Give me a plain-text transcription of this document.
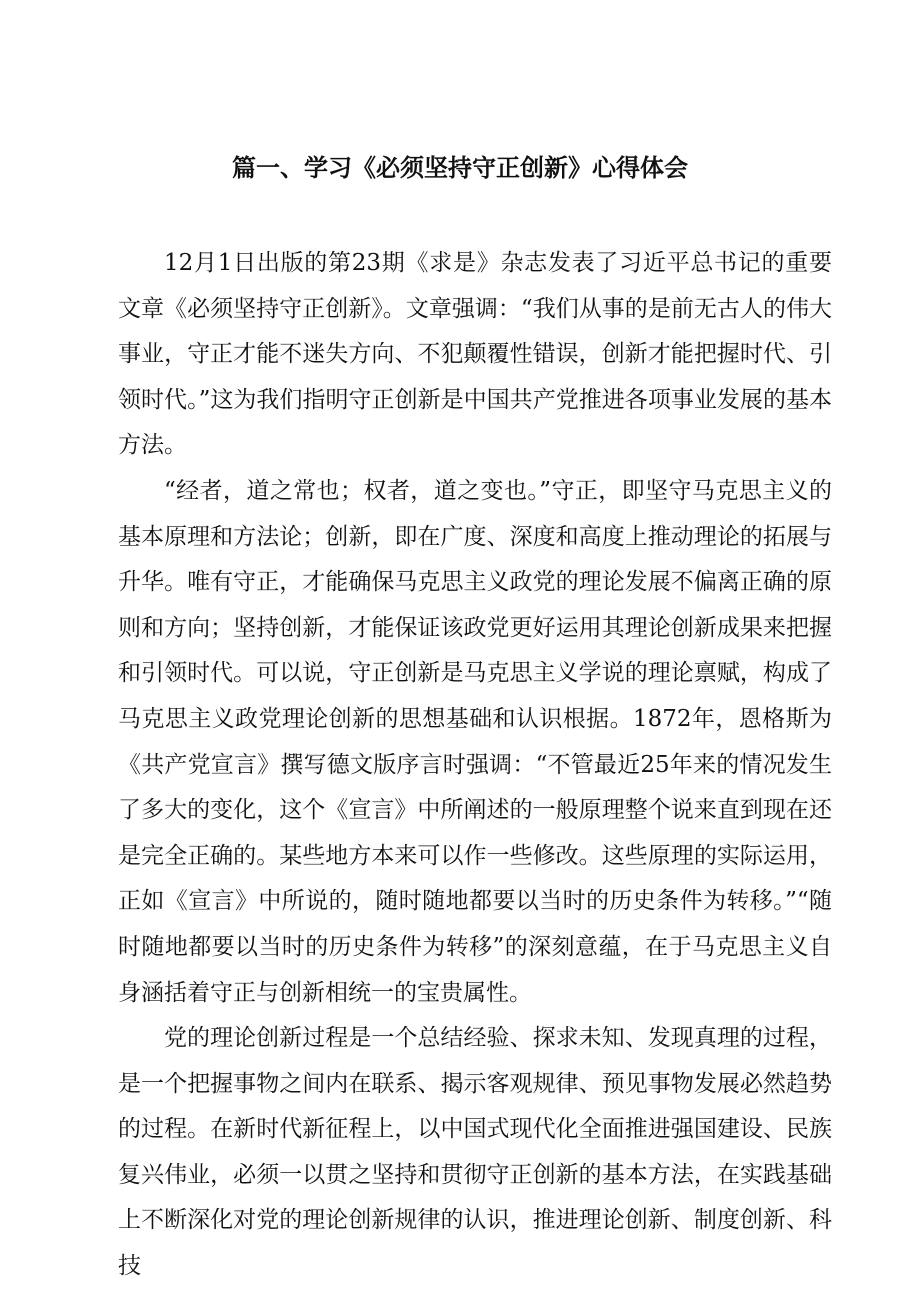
篇一、学习《必须坚持守正创新》心得体会

12月1日出版的第23期《求是》杂志发表了习近平总书记的重要文章《必须坚持守正创新》。文章强调：“我们从事的是前无古人的伟大事业，守正才能不迷失方向、不犯颠覆性错误，创新才能把握时代、引领时代。”这为我们指明守正创新是中国共产党推进各项事业发展的基本方法。

“经者，道之常也；权者，道之变也。”守正，即坚守马克思主义的基本原理和方法论；创新，即在广度、深度和高度上推动理论的拓展与升华。唯有守正，才能确保马克思主义政党的理论发展不偏离正确的原则和方向；坚持创新，才能保证该政党更好运用其理论创新成果来把握和引领时代。可以说，守正创新是马克思主义学说的理论禀赋，构成了马克思主义政党理论创新的思想基础和认识根据。1872年，恩格斯为《共产党宣言》撰写德文版序言时强调：“不管最近25年来的情况发生了多大的变化，这个《宣言》中所阐述的一般原理整个说来直到现在还是完全正确的。某些地方本来可以作一些修改。这些原理的实际运用，正如《宣言》中所说的，随时随地都要以当时的历史条件为转移。”“随时随地都要以当时的历史条件为转移”的深刻意蕴，在于马克思主义自身涵括着守正与创新相统一的宝贵属性。

党的理论创新过程是一个总结经验、探求未知、发现真理的过程，是一个把握事物之间内在联系、揭示客观规律、预见事物发展必然趋势的过程。在新时代新征程上，以中国式现代化全面推进强国建设、民族复兴伟业，必须一以贯之坚持和贯彻守正创新的基本方法，在实践基础上不断深化对党的理论创新规律的认识，推进理论创新、制度创新、科技
